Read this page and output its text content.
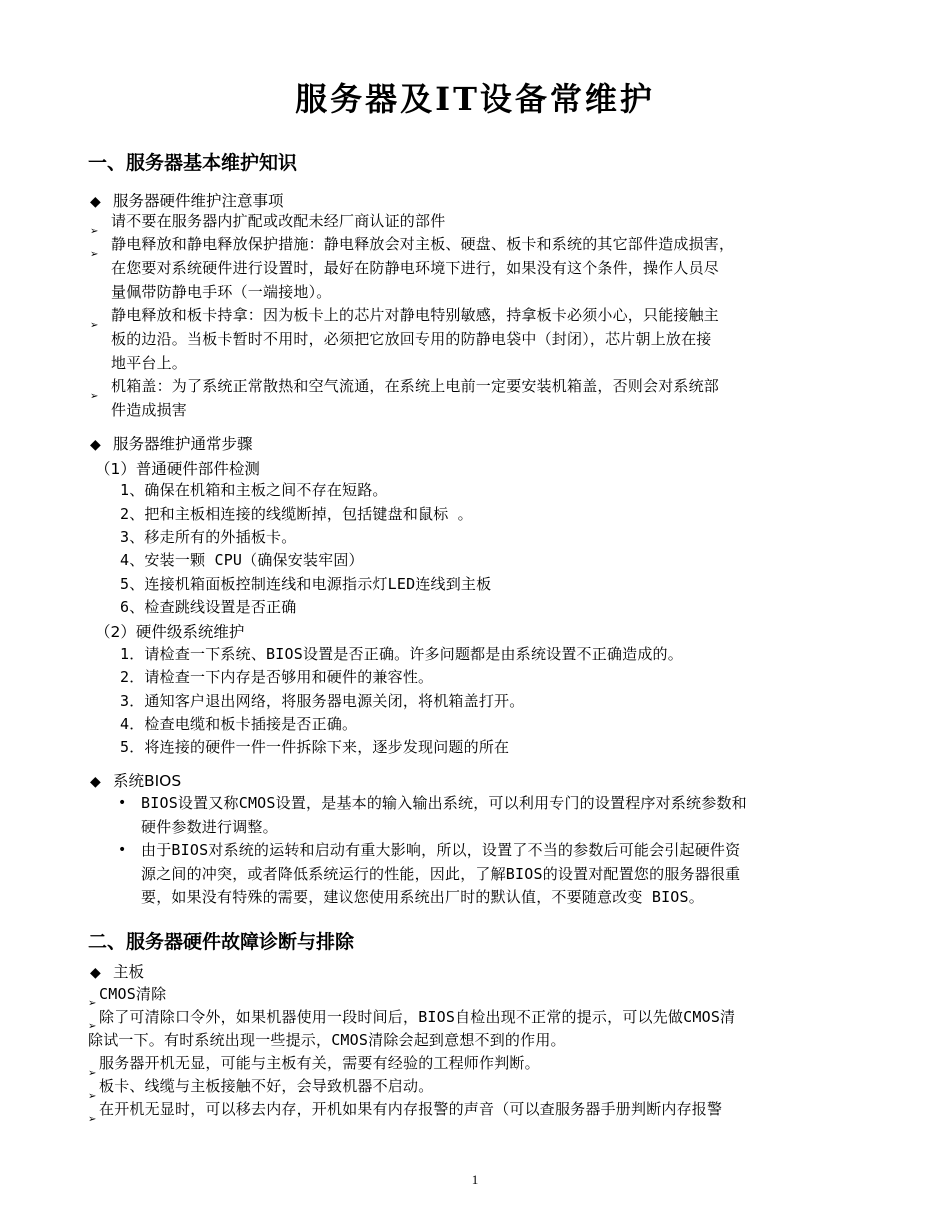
服务器及IT设备常维护
一、服务器基本维护知识
◆ 服务器硬件维护注意事项
➢
请不要在服务器内扩配或改配未经厂商认证的部件
➢
静电释放和静电释放保护措施：静电释放会对主板、硬盘、板卡和系统的其它部件造成损害，
在您要对系统硬件进行设置时，最好在防静电环境下进行，如果没有这个条件，操作人员尽
量佩带防静电手环（一端接地）。
➢
静电释放和板卡持拿：因为板卡上的芯片对静电特别敏感，持拿板卡必须小心，只能接触主
板的边沿。当板卡暂时不用时，必须把它放回专用的防静电袋中（封闭），芯片朝上放在接
地平台上。
➢
机箱盖：为了系统正常散热和空气流通，在系统上电前一定要安装机箱盖，否则会对系统部
件造成损害
◆ 服务器维护通常步骤
（1）普通硬件部件检测
1、确保在机箱和主板之间不存在短路。
2、把和主板相连接的线缆断掉，包括键盘和鼠标 。
3、移走所有的外插板卡。
4、安装一颗 CPU（确保安装牢固）
5、连接机箱面板控制连线和电源指示灯LED连线到主板
6、检查跳线设置是否正确
（2）硬件级系统维护
1．请检查一下系统、BIOS设置是否正确。许多问题都是由系统设置不正确造成的。
2．请检查一下内存是否够用和硬件的兼容性。
3．通知客户退出网络，将服务器电源关闭，将机箱盖打开。
4．检查电缆和板卡插接是否正确。
5．将连接的硬件一件一件拆除下来，逐步发现问题的所在
◆ 系统BIOS
• BIOS设置又称CMOS设置，是基本的输入输出系统，可以利用专门的设置程序对系统参数和
硬件参数进行调整。
• 由于BIOS对系统的运转和启动有重大影响，所以，设置了不当的参数后可能会引起硬件资
源之间的冲突，或者降低系统运行的性能，因此，了解BIOS的设置对配置您的服务器很重
要，如果没有特殊的需要，建议您使用系统出厂时的默认值，不要随意改变 BIOS。
二、服务器硬件故障诊断与排除
◆ 主板
➢
CMOS清除
➢
除了可清除口令外，如果机器使用一段时间后，BIOS自检出现不正常的提示，可以先做CMOS清
除试一下。有时系统出现一些提示，CMOS清除会起到意想不到的作用。
➢
服务器开机无显，可能与主板有关，需要有经验的工程师作判断。
➢
板卡、线缆与主板接触不好，会导致机器不启动。
➢
在开机无显时，可以移去内存，开机如果有内存报警的声音（可以查服务器手册判断内存报警
1
